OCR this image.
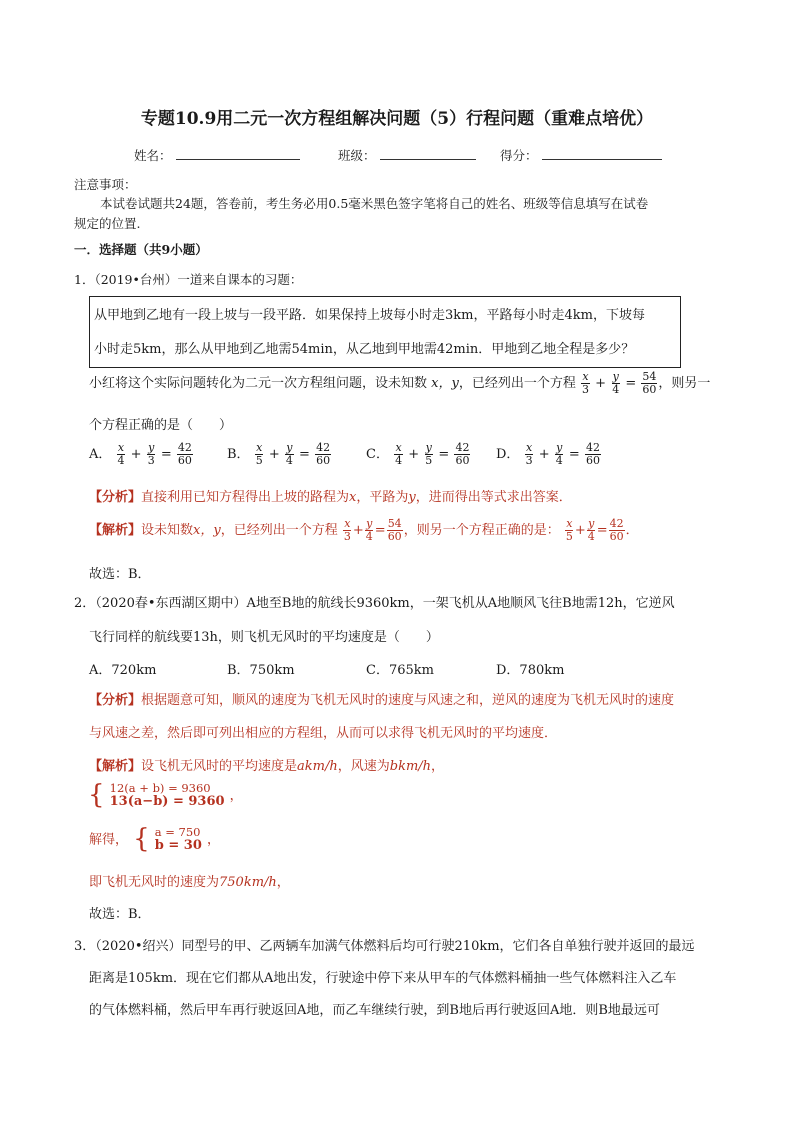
专题10.9用二元一次方程组解决问题（5）行程问题（重难点培优）
姓名：	班级：	得分：
注意事项：
本试卷试题共24题，答卷前，考生务必用0.5毫米黑色签字笔将自己的姓名、班级等信息填写在试卷
规定的位置.
一．选择题（共9小题）
1．（2019•台州）一道来自课本的习题：
从甲地到乙地有一段上坡与一段平路．如果保持上坡每小时走3km，平路每小时走4km，下坡每
小时走5km，那么从甲地到乙地需54min，从乙地到甲地需42min．甲地到乙地全程是多少？
小红将这个实际问题转化为二元一次方程组问题，设未知数 x，y，已经列出一个方程 $\frac{x}{3} + \frac{y}{4} = \frac{54}{60}$ ，则另一
个方程正确的是（　　）
A． $\frac{x}{4} + \frac{y}{3} = \frac{42}{60}$	B． $\frac{x}{5} + \frac{y}{4} = \frac{42}{60}$	C． $\frac{x}{4} + \frac{y}{5} = \frac{42}{60}$ D． $\frac{x}{3} + \frac{y}{4} = \frac{42}{60}$
【分析】直接利用已知方程得出上坡的路程为x，平路为y，进而得出等式求出答案．
【解析】设未知数x，y，已经列出一个方程 $\frac{x}{3} + \frac{y}{4} = \frac{54}{60}$ ，则另一个方程正确的是： $\frac{x}{5} + \frac{y}{4} = \frac{42}{60}$ ．
故选：B．
2．（2020春•东西湖区期中）A地至B地的航线长9360km，一架飞机从A地顺风飞往B地需12h，它逆风
飞行同样的航线要13h，则飞机无风时的平均速度是（　　）
A．720km	B．750km	C．765km	D．780km
【分析】根据题意可知，顺风的速度为飞机无风时的速度与风速之和，逆风的速度为飞机无风时的速度
与风速之差，然后即可列出相应的方程组，从而可以求得飞机无风时的平均速度．
【解析】设飞机无风时的平均速度是akm/h，风速为bkm/h，
{ 12(a + b) = 9360
13(a−b) = 9360 ，
解得， { a = 750
b = 30 ，
即飞机无风时的速度为750km/h，
故选：B．
3．（2020•绍兴）同型号的甲、乙两辆车加满气体燃料后均可行驶210km，它们各自单独行驶并返回的最远
距离是105km．现在它们都从A地出发，行驶途中停下来从甲车的气体燃料桶抽一些气体燃料注入乙车
的气体燃料桶，然后甲车再行驶返回A地，而乙车继续行驶，到B地后再行驶返回A地．则B地最远可
